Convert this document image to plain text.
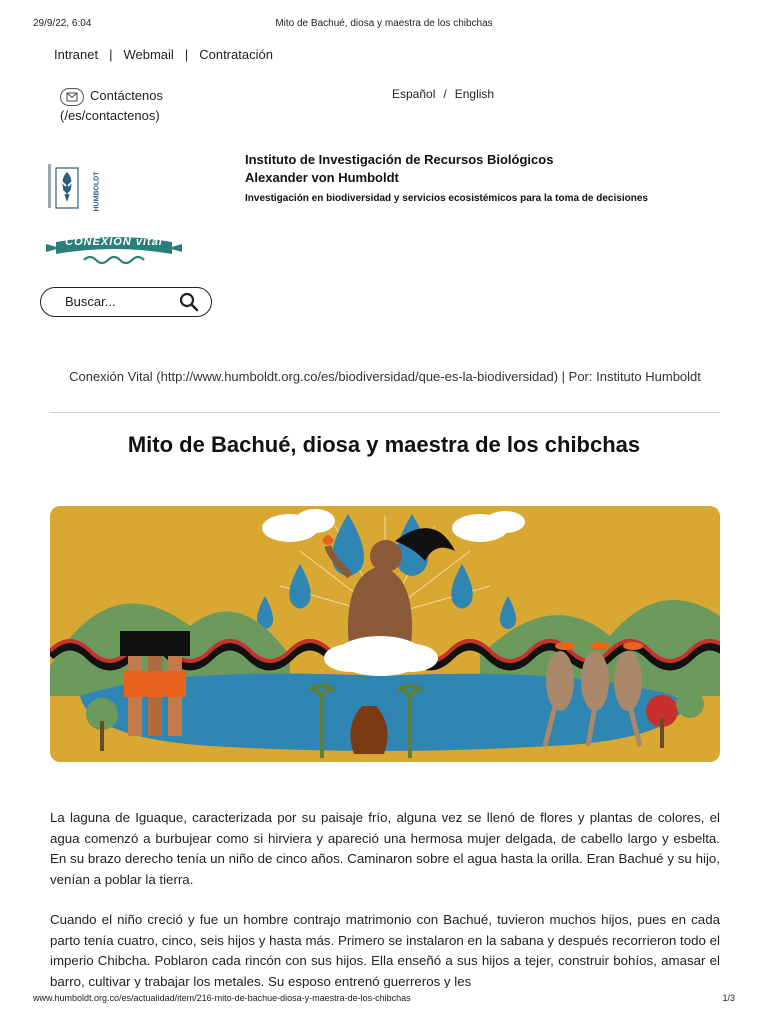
29/9/22, 6:04	Mito de Bachué, diosa y maestra de los chibchas
Intranet | Webmail | Contratación
Contáctenos
(/es/contactenos)
Español / English
HUMBOLDT
Instituto de Investigación de Recursos Biológicos
Alexander von Humboldt
Investigación en biodiversidad y servicios ecosistémicos para la toma de decisiones
CONEXIÓN vital
Buscar...
Conexión Vital (http://www.humboldt.org.co/es/biodiversidad/que-es-la-biodiversidad) | Por: Instituto Humboldt
Mito de Bachué, diosa y maestra de los chibchas

La laguna de Iguaque, caracterizada por su paisaje frío, alguna vez se llenó de flores y plantas de colores, el agua comenzó a burbujear como si hirviera y apareció una hermosa mujer delgada, de cabello largo y esbelta. En su brazo derecho tenía un niño de cinco años. Caminaron sobre el agua hasta la orilla. Eran Bachué y su hijo, venían a poblar la tierra.

Cuando el niño creció y fue un hombre contrajo matrimonio con Bachué, tuvieron muchos hijos, pues en cada parto tenía cuatro, cinco, seis hijos y hasta más. Primero se instalaron en la sabana y después recorrieron todo el imperio Chibcha. Poblaron cada rincón con sus hijos. Ella enseñó a sus hijos a tejer, construir bohíos, amasar el barro, cultivar y trabajar los metales. Su esposo entrenó guerreros y les

www.humboldt.org.co/es/actualidad/item/216-mito-de-bachue-diosa-y-maestra-de-los-chibchas	1/3
